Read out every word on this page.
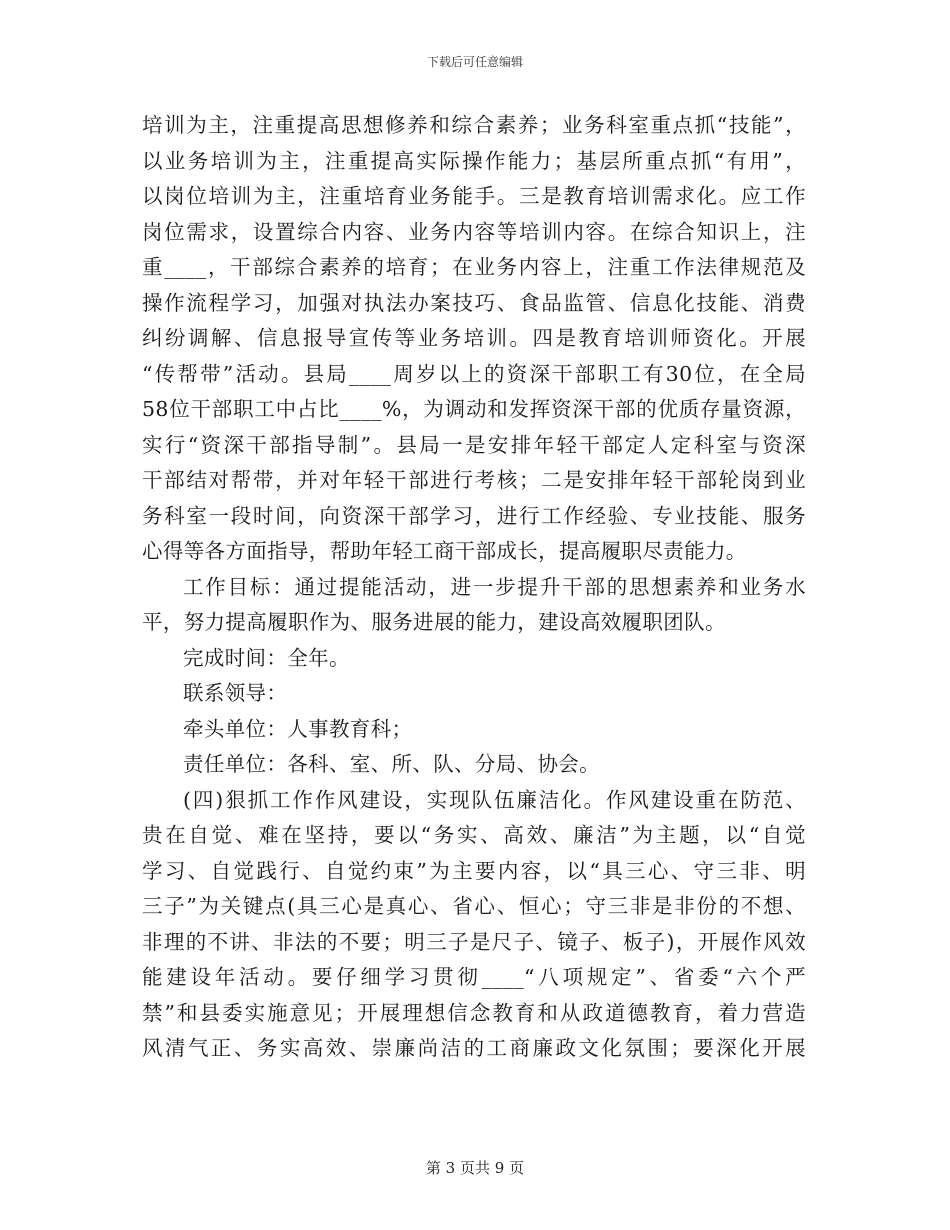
下载后可任意编辑
培训为主，注重提高思想修养和综合素养；业务科室重点抓“技能”，
以业务培训为主，注重提高实际操作能力；基层所重点抓“有用”，
以岗位培训为主，注重培育业务能手。三是教育培训需求化。应工作
岗位需求，设置综合内容、业务内容等培训内容。在综合知识上，注
重____，干部综合素养的培育；在业务内容上，注重工作法律规范及
操作流程学习，加强对执法办案技巧、食品监管、信息化技能、消费
纠纷调解、信息报导宣传等业务培训。四是教育培训师资化。开展
“传帮带”活动。县局____周岁以上的资深干部职工有30位，在全局
58位干部职工中占比____%，为调动和发挥资深干部的优质存量资源，
实行“资深干部指导制”。县局一是安排年轻干部定人定科室与资深
干部结对帮带，并对年轻干部进行考核；二是安排年轻干部轮岗到业
务科室一段时间，向资深干部学习，进行工作经验、专业技能、服务
心得等各方面指导，帮助年轻工商干部成长，提高履职尽责能力。
工作目标：通过提能活动，进一步提升干部的思想素养和业务水
平，努力提高履职作为、服务进展的能力，建设高效履职团队。
完成时间：全年。
联系领导：
牵头单位：人事教育科；
责任单位：各科、室、所、队、分局、协会。
(四)狠抓工作作风建设，实现队伍廉洁化。作风建设重在防范、
贵在自觉、难在坚持，要以“务实、高效、廉洁”为主题，以“自觉
学习、自觉践行、自觉约束”为主要内容，以“具三心、守三非、明
三子”为关键点(具三心是真心、省心、恒心；守三非是非份的不想、
非理的不讲、非法的不要；明三子是尺子、镜子、板子)，开展作风效
能建设年活动。要仔细学习贯彻____“八项规定”、省委“六个严
禁”和县委实施意见；开展理想信念教育和从政道德教育，着力营造
风清气正、务实高效、崇廉尚洁的工商廉政文化氛围；要深化开展
第 3 页共 9 页
